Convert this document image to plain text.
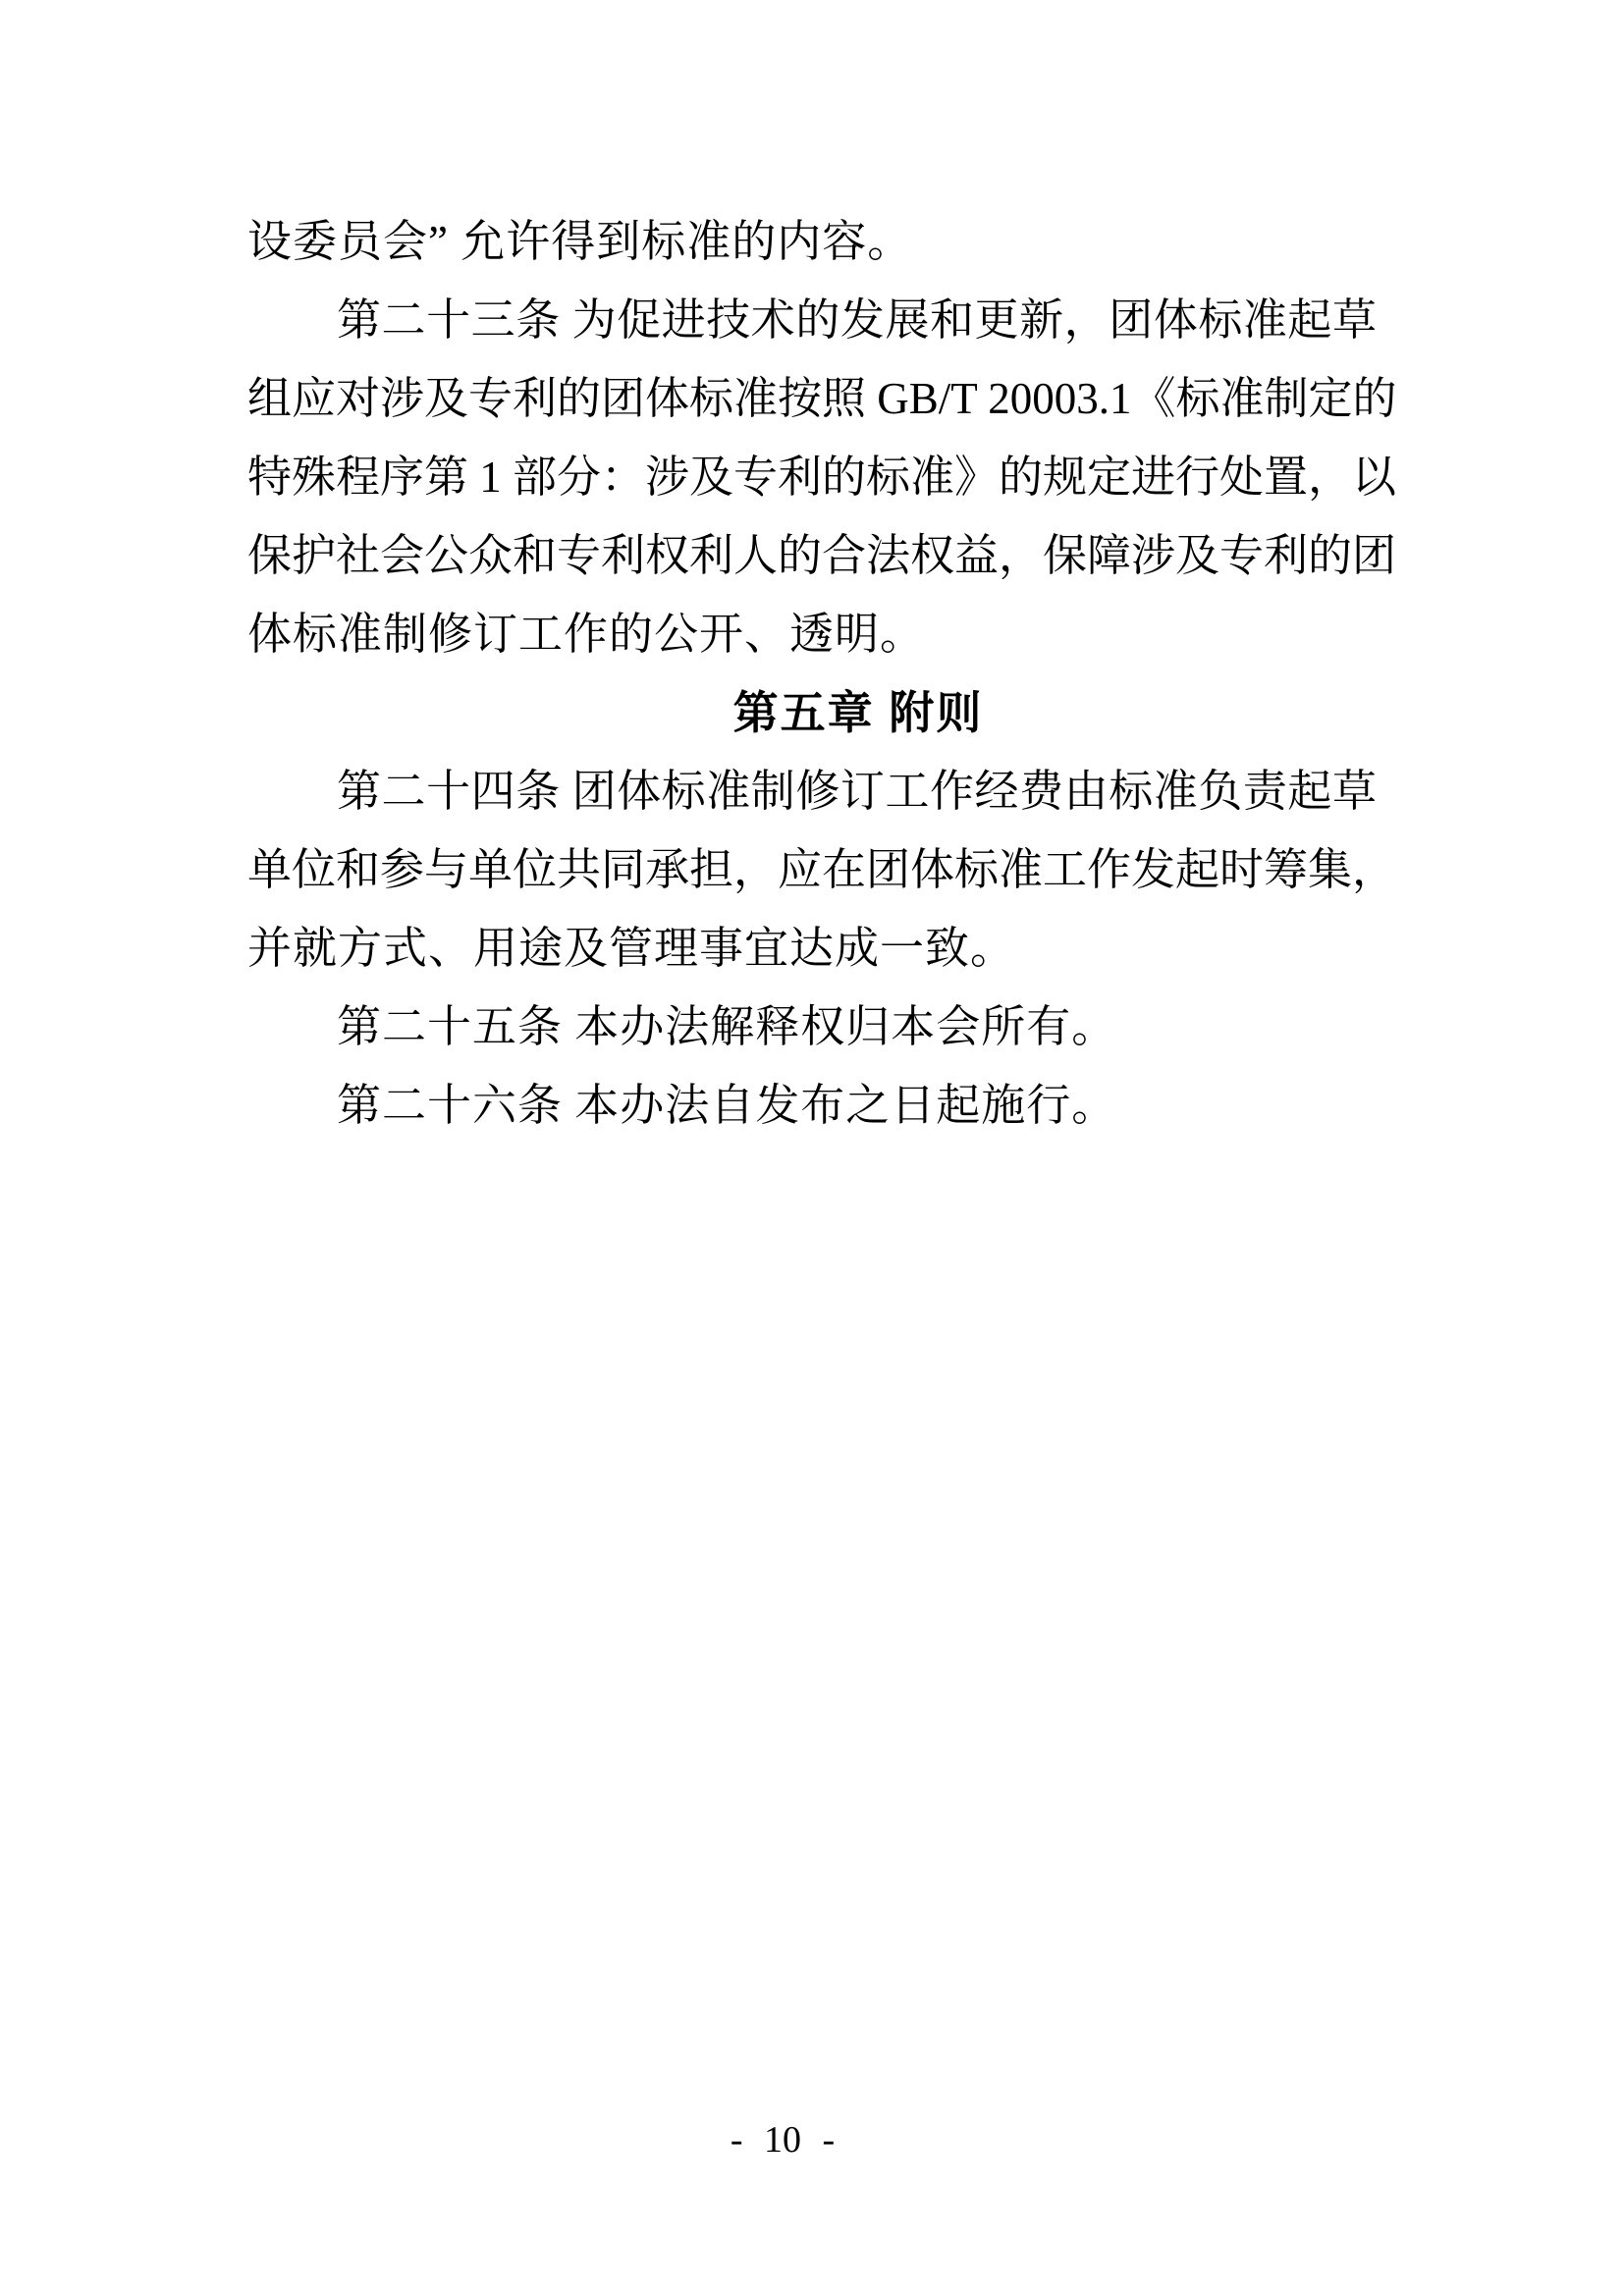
设委员会” 允许得到标准的内容。
第二十三条 为促进技术的发展和更新，团体标准起草
组应对涉及专利的团体标准按照 GB/T 20003.1《标准制定的
特殊程序第 1 部分：涉及专利的标准》的规定进行处置，以
保护社会公众和专利权利人的合法权益，保障涉及专利的团
体标准制修订工作的公开、透明。
第五章 附则
第二十四条 团体标准制修订工作经费由标准负责起草
单位和参与单位共同承担，应在团体标准工作发起时筹集，
并就方式、用途及管理事宜达成一致。
第二十五条 本办法解释权归本会所有。
第二十六条 本办法自发布之日起施行。
- 10 -
